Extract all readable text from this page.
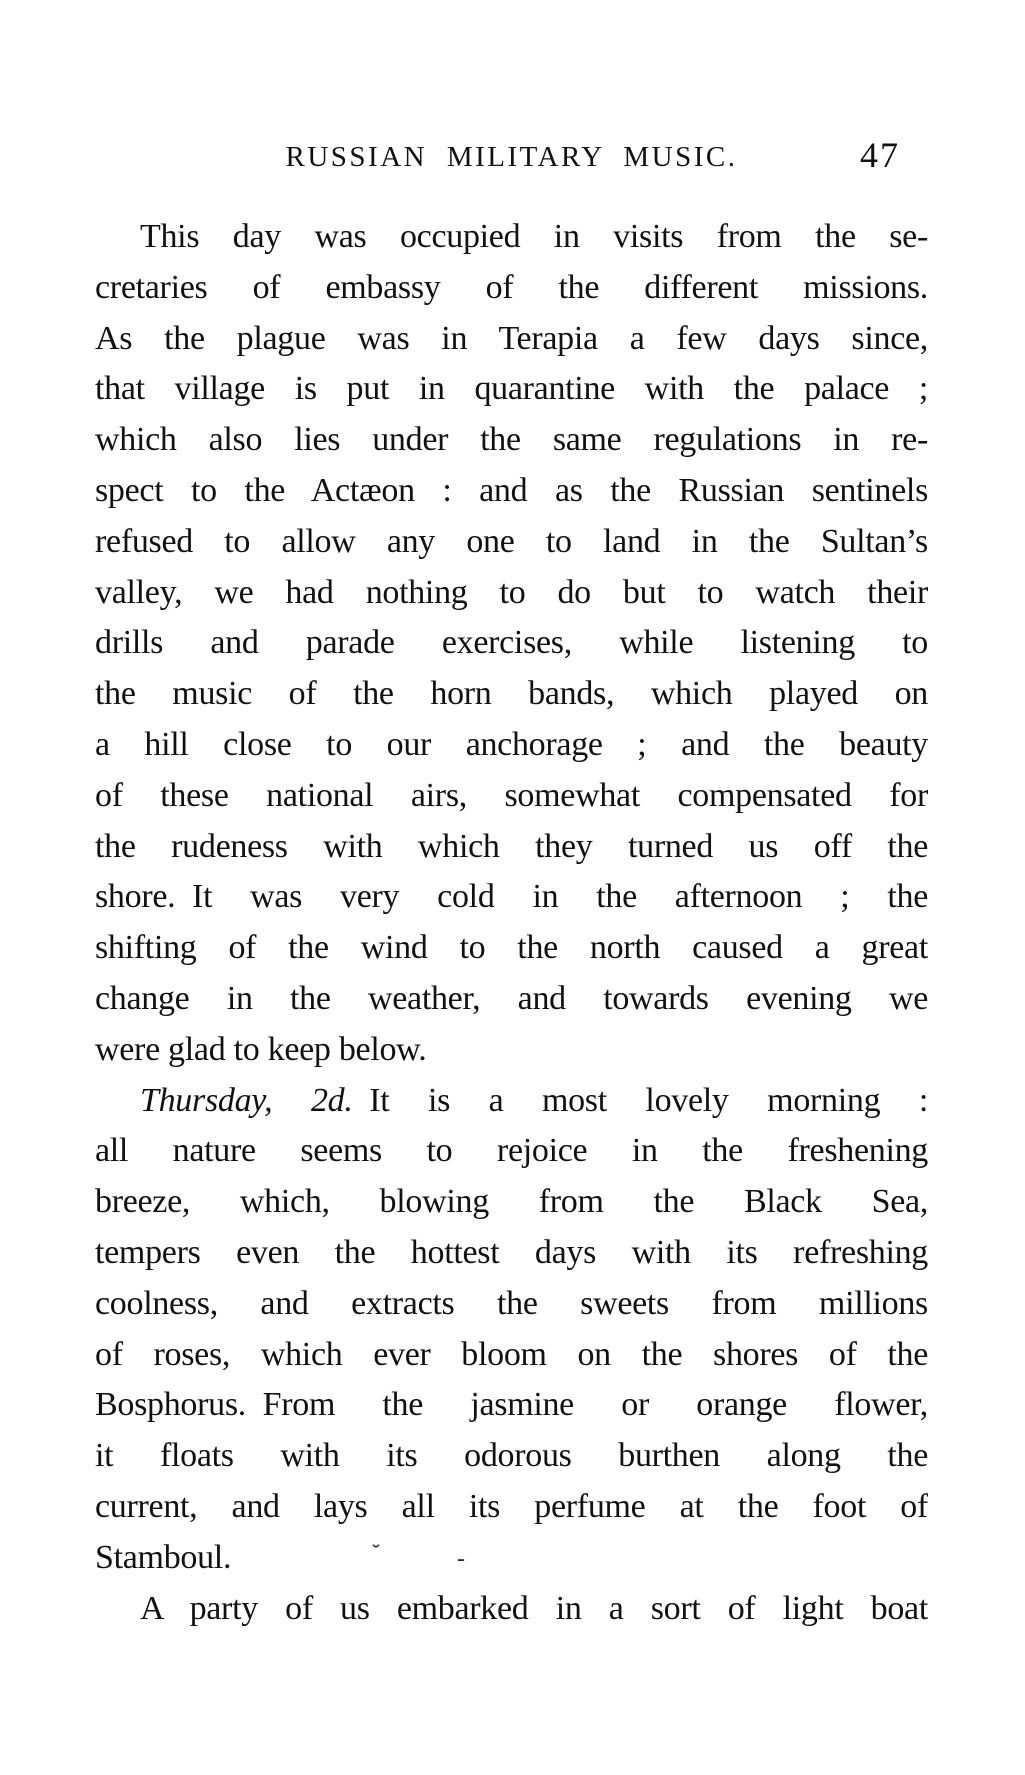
RUSSIAN MILITARY MUSIC.	47
This day was occupied in visits from the se-
cretaries of embassy of the different missions.
As the plague was in Terapia a few days since,
that village is put in quarantine with the palace ;
which also lies under the same regulations in re-
spect to the Actæon : and as the Russian sentinels
refused to allow any one to land in the Sultan’s
valley, we had nothing to do but to watch their
drills and parade exercises, while listening to
the music of the horn bands, which played on
a hill close to our anchorage ; and the beauty
of these national airs, somewhat compensated for
the rudeness with which they turned us off the
shore. It was very cold in the afternoon ; the
shifting of the wind to the north caused a great
change in the weather, and towards evening we
were glad to keep below.
Thursday, 2d. It is a most lovely morning :
all nature seems to rejoice in the freshening
breeze, which, blowing from the Black Sea,
tempers even the hottest days with its refreshing
coolness, and extracts the sweets from millions
of roses, which ever bloom on the shores of the
Bosphorus. From the jasmine or orange flower,
it floats with its odorous burthen along the
current, and lays all its perfume at the foot of
Stamboul.	˘	-
A party of us embarked in a sort of light boat
